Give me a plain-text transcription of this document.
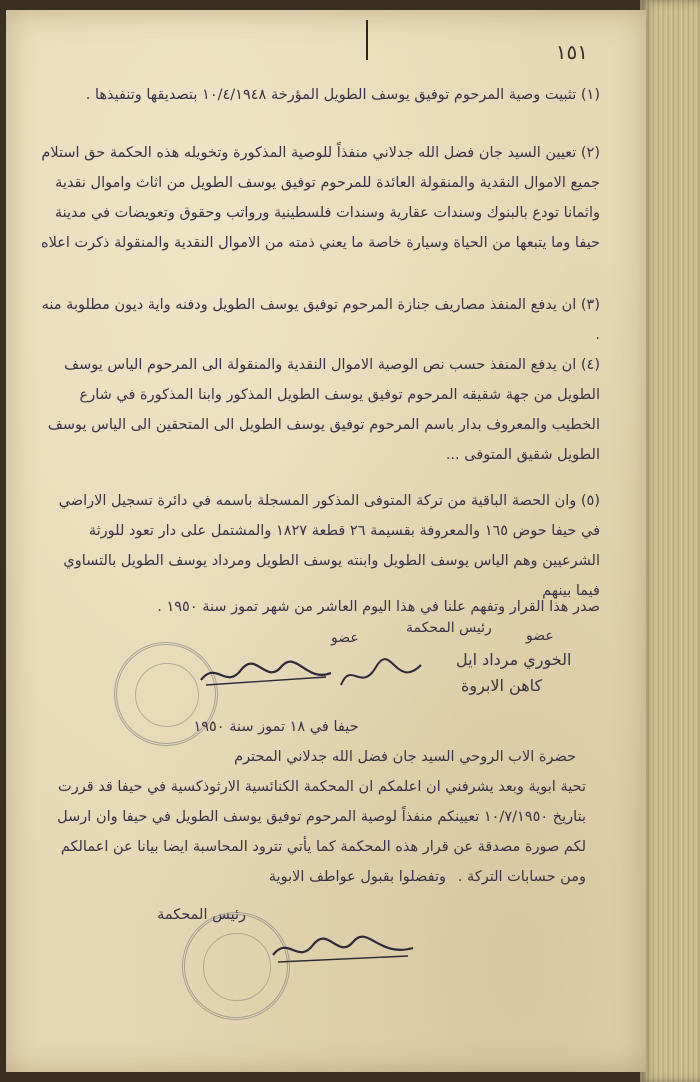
١٥١
(١) تثبيت وصية المرحوم توفيق يوسف الطويل المؤرخة ١٠/٤/١٩٤٨ بتصديقها وتنفيذها .
(٢) تعيين السيد جان فضل الله جدلاني منفذاً للوصية المذكورة وتخويله هذه الحكمة حق استلام جميع الاموال النقدية والمنقولة العائدة للمرحوم توفيق يوسف الطويل من اثاث واموال نقدية واثمانا تودع بالبنوك وسندات عقارية وسندات فلسطينية ورواتب وحقوق وتعويضات في مدينة حيفا وما يتبعها من الحياة وسيارة خاصة ما يعني ذمته من الاموال النقدية والمنقولة ذكرت اعلاه
(٣) ان يدفع المنفذ مصاريف جنازة المرحوم توفيق يوسف الطويل ودفنه واية ديون مطلوبة منه .
(٤) ان يدفع المنفذ حسب نص الوصية الاموال النقدية والمنقولة الى المرحوم الياس يوسف الطويل من جهة شقيقه المرحوم توفيق يوسف الطويل المذكور وابنا المذكورة في شارع الخطيب والمعروف بدار باسم المرحوم توفيق يوسف الطويل الى المتحقين الى الياس يوسف الطويل شقيق المتوفى ...
(٥) وان الحصة الباقية من تركة المتوفى المذكور المسجلة باسمه في دائرة تسجيل الاراضي في حيفا حوض ١٦٥ والمعروفة بقسيمة ٢٦ قطعة ١٨٢٧ والمشتمل على دار تعود للورثة الشرعيين وهم الياس يوسف الطويل وابنته يوسف الطويل ومرداد يوسف الطويل بالتساوي فيما بينهم
صدر هذا القرار وتفهم علنا في هذا اليوم العاشر من شهر تموز سنة ١٩٥٠ .
رئيس المحكمة
عضو	عضو
الخوري مرداد ايل
كاهن الابروة
حيفا في ١٨ تموز سنة ١٩٥٠
حضرة الاب الروحي السيد جان فضل الله جدلاني المحترم
تحية ابوية وبعد يشرفني ان اعلمكم ان المحكمة الكنائسية الارثوذكسية في حيفا قد قررت بتاريخ ١٠/٧/١٩٥٠ تعيينكم منفذاً لوصية المرحوم توفيق يوسف الطويل في حيفا وان ارسل لكم صورة مصدقة عن قرار هذه المحكمة كما يأتي تترود المحاسبة ايضا بيانا عن اعمالكم ومن حسابات التركة .
وتفضلوا بقبول عواطف الابوية
رئيس المحكمة
